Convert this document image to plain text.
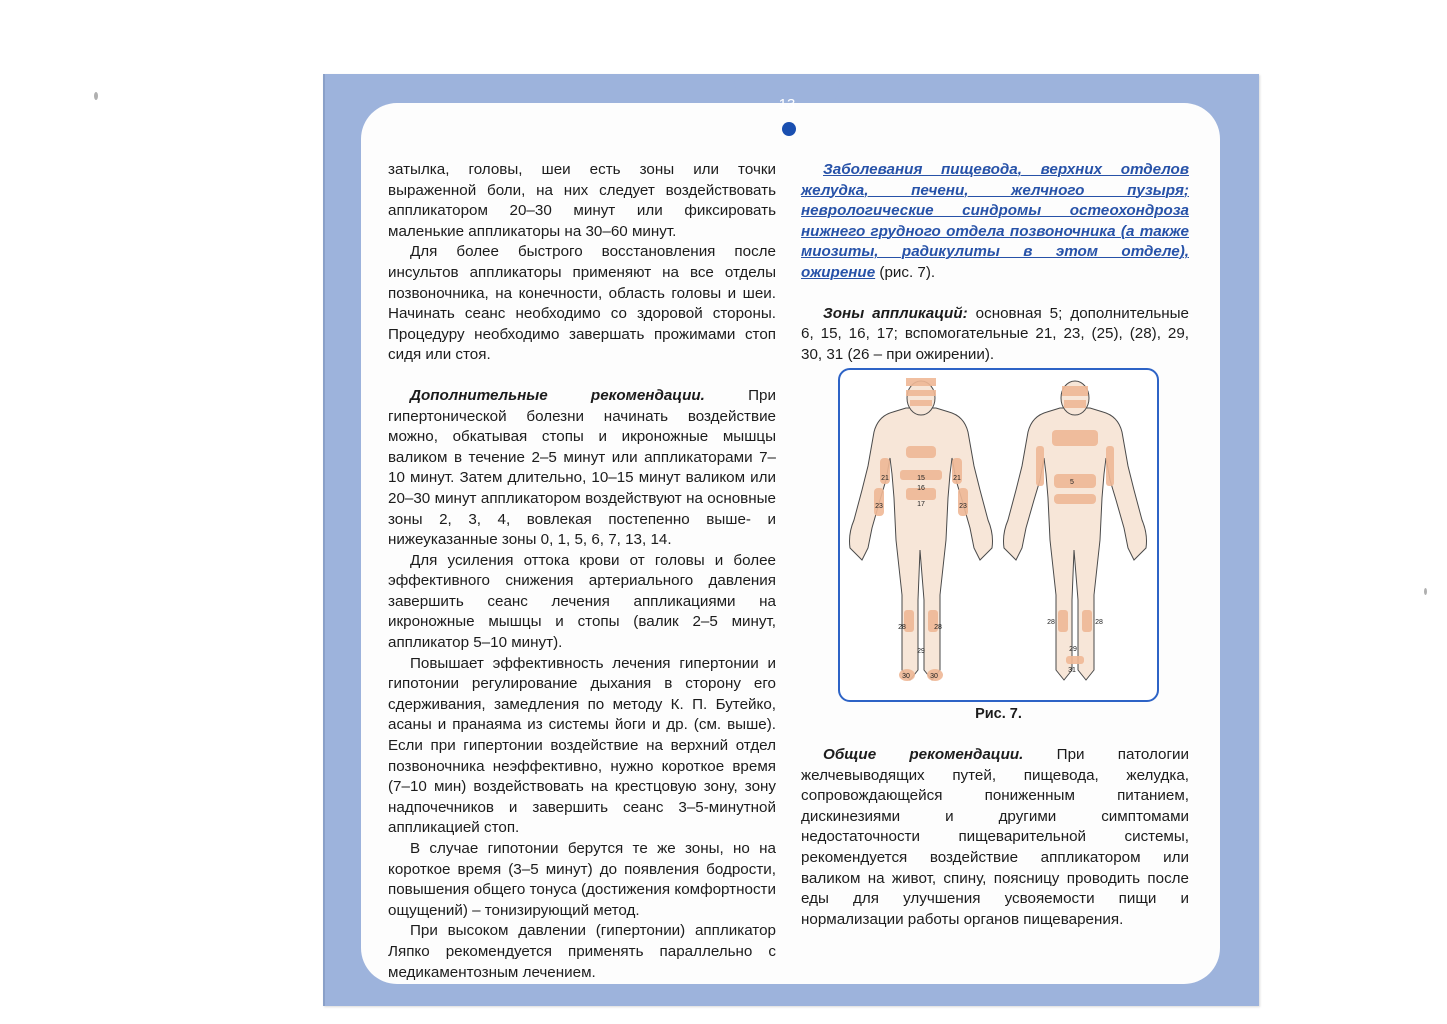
13

затылка, головы, шеи есть зоны или точки выраженной боли, на них следует воздействовать аппликатором 20–30 минут или фиксировать маленькие аппликаторы на 30–60 минут.

Для более быстрого восстановления после инсультов аппликаторы применяют на все отделы позвоночника, на конечности, область головы и шеи. Начинать сеанс необходимо со здоровой стороны. Процедуру необходимо завершать прожимами стоп сидя или стоя.

Дополнительные рекомендации. При гипертонической болезни начинать воздействие можно, обкатывая стопы и икроножные мышцы валиком в течение 2–5 минут или аппликаторами 7–10 минут. Затем длительно, 10–15 минут валиком или 20–30 минут аппликатором воздействуют на основные зоны 2, 3, 4, вовлекая постепенно выше- и нижеуказанные зоны 0, 1, 5, 6, 7, 13, 14.

Для усиления оттока крови от головы и более эффективного снижения артериального давления завершить сеанс лечения аппликациями на икроножные мышцы и стопы (валик 2–5 минут, аппликатор 5–10 минут).

Повышает эффективность лечения гипертонии и гипотонии регулирование дыхания в сторону его сдерживания, замедления по методу К. П. Бутейко, асаны и пранаяма из системы йоги и др. (см. выше). Если при гипертонии воздействие на верхний отдел позвоночника неэффективно, нужно короткое время (7–10 мин) воздействовать на крестцовую зону, зону надпочечников и завершить сеанс 3–5-минутной аппликацией стоп.

В случае гипотонии берутся те же зоны, но на короткое время (3–5 минут) до появления бодрости, повышения общего тонуса (достижения комфортности ощущений) – тонизирующий метод.

При высоком давлении (гипертонии) аппликатор Ляпко рекомендуется применять параллельно с медикаментозным лечением.

Заболевания пищевода, верхних отделов желудка, печени, желчного пузыря; неврологические синдромы остеохондроза нижнего грудного отдела позвоночника (а также миозиты, радикулиты в этом отделе), ожирение (рис. 7).

Зоны аппликаций: основная 5; дополнительные 6, 15, 16, 17; вспомогательные 21, 23, (25), (28), 29, 30, 31 (26 – при ожирении).

15
16
17
21	21
23	23
28	28
29
30	30
5
28	28
29
31
Рис. 7.

Общие рекомендации. При патологии желчевыводящих путей, пищевода, желудка, сопровождающейся пониженным питанием, дискинезиями и другими симптомами недостаточности пищеварительной системы, рекомендуется воздействие аппликатором или валиком на живот, спину, поясницу проводить после еды для улучшения усвояемости пищи и нормализации работы органов пищеварения.
